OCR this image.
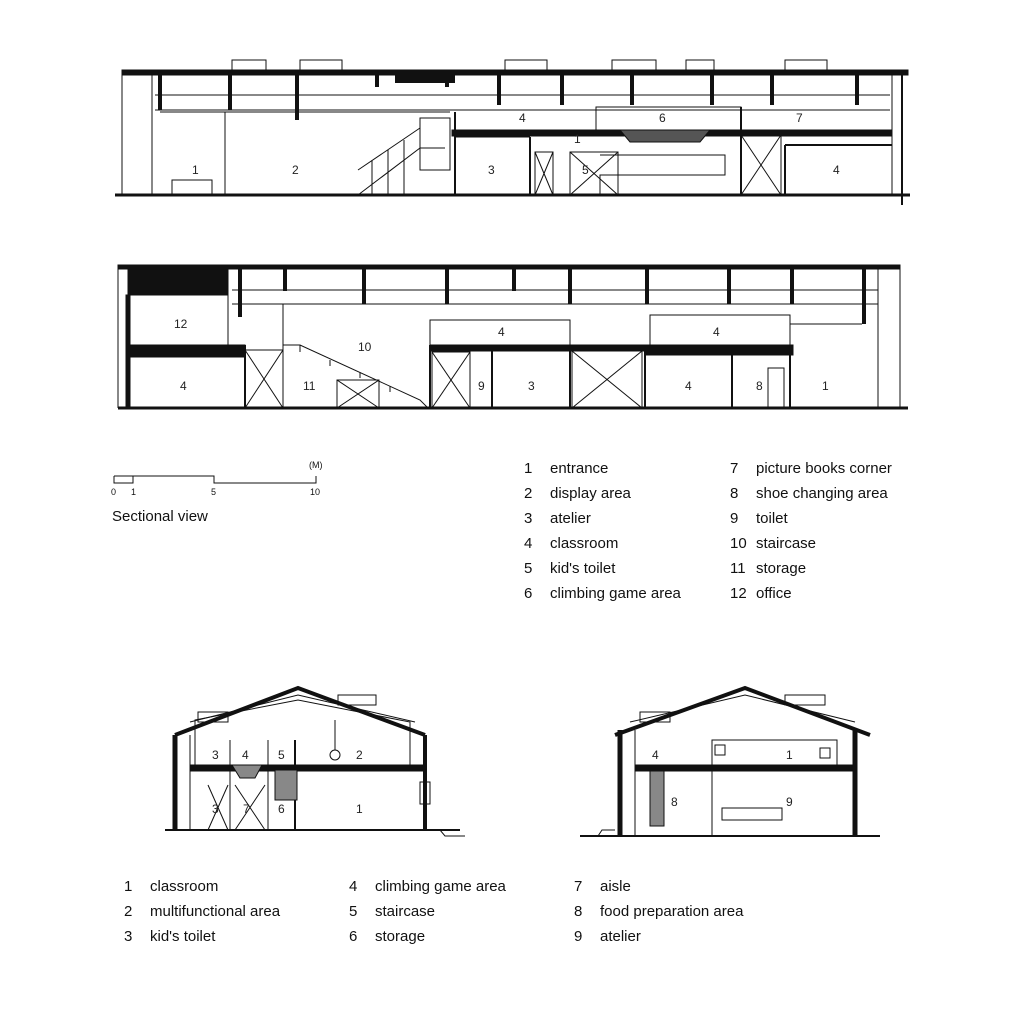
1	2	3
4
5
6	7
1
4
12
10
4	4
4	11	9	3	4	8	1
3 4 5	2
3 7 6	1
4	1
8	9
0 1	5	10
(M)
Sectional view
1 entrance
2 display area
3 atelier
4 classroom
5 kid's toilet
6 climbing game area
7 picture books corner
8 shoe changing area
9 toilet
10 staircase
11 storage
12 office
1 classroom
2 multifunctional area
3 kid's toilet
4 climbing game area
5 staircase
6 storage
7 aisle
8 food preparation area
9 atelier
